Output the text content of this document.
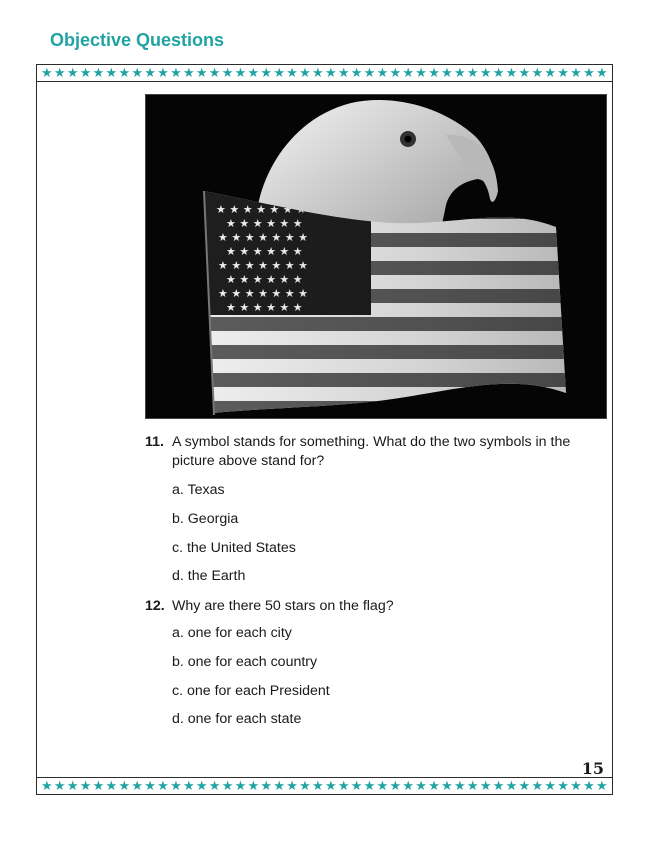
Objective Questions
★ ★ ★ ★ ★ ★ ★ ★ ★ ★ ★ ★ ★ ★ ★ ★ ★ ★ ★ ★ ★ ★ ★ ★ ★ ★ ★ ★ ★ ★ ★ ★ ★ ★ ★ ★ ★ ★ ★ ★ ★ ★ ★ ★
11. A symbol stands for something. What do the two symbols in the picture above stand for?
a. Texas
b. Georgia
c. the United States
d. the Earth
12. Why are there 50 stars on the flag?
a. one for each city
b. one for each country
c. one for each President
d. one for each state
15
★ ★ ★ ★ ★ ★ ★ ★ ★ ★ ★ ★ ★ ★ ★ ★ ★ ★ ★ ★ ★ ★ ★ ★ ★ ★ ★ ★ ★ ★ ★ ★ ★ ★ ★ ★ ★ ★ ★ ★ ★ ★ ★ ★
